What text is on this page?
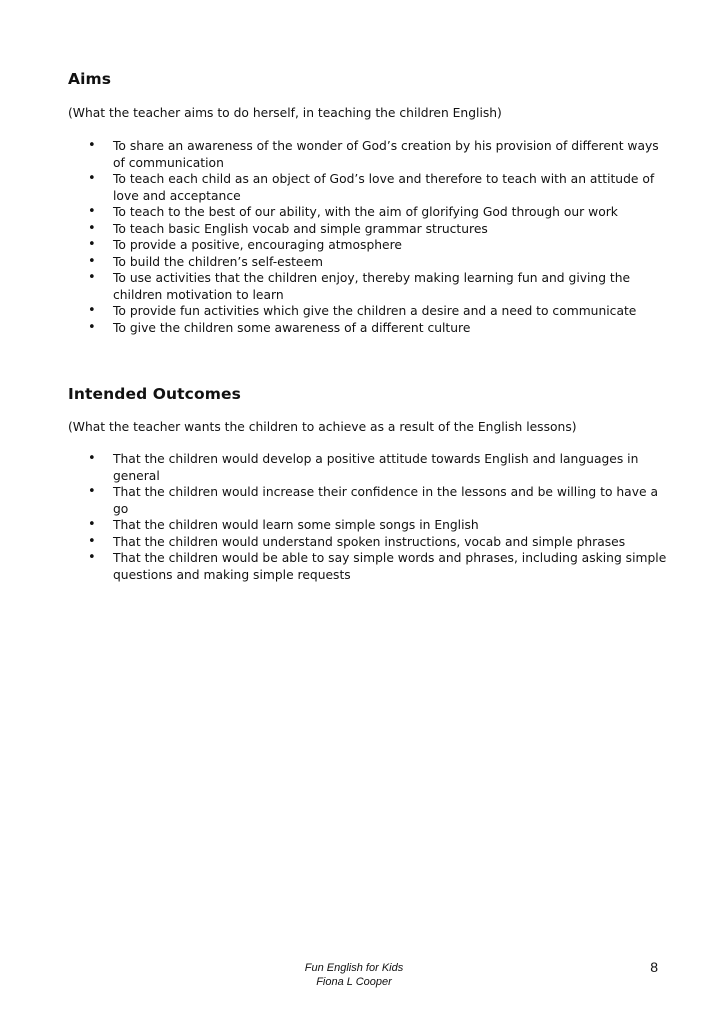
Aims

(What the teacher aims to do herself, in teaching the children English)

• To share an awareness of the wonder of God’s creation by his provision of different ways of communication
• To teach each child as an object of God’s love and therefore to teach with an attitude of love and acceptance
• To teach to the best of our ability, with the aim of glorifying God through our work
• To teach basic English vocab and simple grammar structures
• To provide a positive, encouraging atmosphere
• To build the children’s self-esteem
• To use activities that the children enjoy, thereby making learning fun and giving the children motivation to learn
• To provide fun activities which give the children a desire and a need to communicate
• To give the children some awareness of a different culture
Intended Outcomes

(What the teacher wants the children to achieve as a result of the English lessons)

• That the children would develop a positive attitude towards English and languages in general
• That the children would increase their confidence in the lessons and be willing to have a go
• That the children would learn some simple songs in English
• That the children would understand spoken instructions, vocab and simple phrases
• That the children would be able to say simple words and phrases, including asking simple questions and making simple requests
Fun English for Kids
Fiona L Cooper
8
